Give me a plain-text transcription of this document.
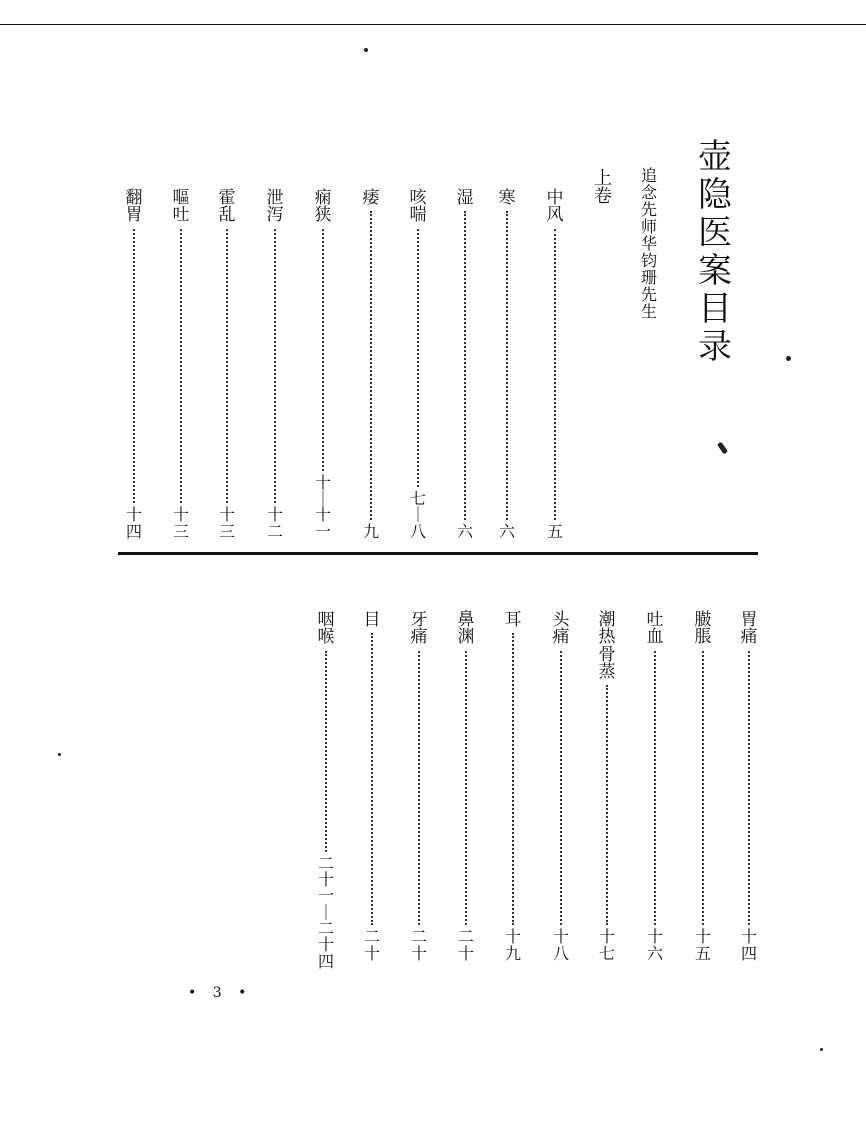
壶
隐
医
案
目
录
追
念
先
师
华
钧
珊
先
生
上
卷
中
风
五
寒
六
湿
六
咳
喘
七
｜
八
痿
九
痫
狭
十
｜
十
一
泄
泻
十
二
霍
乱
十
三
嘔
吐
十
三
翻
胃
十
四
胃
痛
十
四
臌
脹
十
五
吐
血
十
六
潮
热
骨
蒸
十
七
头
痛
十
八
耳
十
九
鼻
渊
二
十
牙
痛
二
十
目
二
十
咽
喉
二
十
一
｜
二
十
四
• 3 •
